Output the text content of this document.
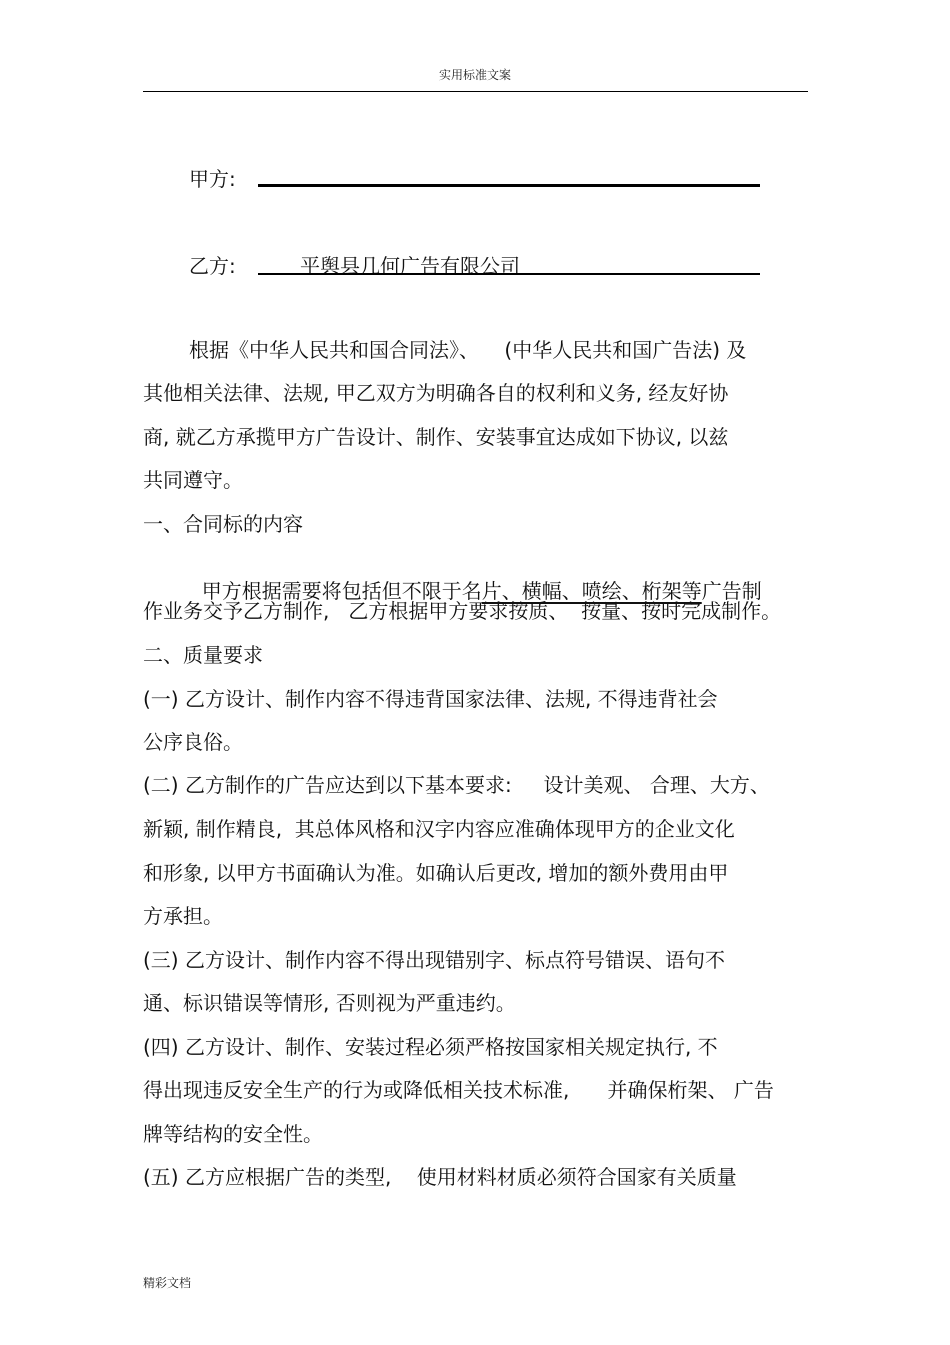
实用标准文案
甲方:
乙方:	平舆县几何广告有限公司
根据《中华人民共和国合同法》、    (中华人民共和国广告法) 及
其他相关法律、法规, 甲乙双方为明确各自的权利和义务, 经友好协
商, 就乙方承揽甲方广告设计、制作、安装事宜达成如下协议, 以兹
共同遵守。
一、合同标的内容

甲方根据需要将包括但不限于名片、横幅、喷绘、桁架等广告制

作业务交予乙方制作,   乙方根据甲方要求按质、  按量、按时完成制作。
二、质量要求
(一) 乙方设计、制作内容不得违背国家法律、法规, 不得违背社会
公序良俗。
(二) 乙方制作的广告应达到以下基本要求:     设计美观、 合理、大方、
新颖, 制作精良,  其总体风格和汉字内容应准确体现甲方的企业文化
和形象, 以甲方书面确认为准。如确认后更改, 增加的额外费用由甲
方承担。
(三) 乙方设计、制作内容不得出现错别字、标点符号错误、语句不
通、标识错误等情形, 否则视为严重违约。
(四) 乙方设计、制作、安装过程必须严格按国家相关规定执行, 不
得出现违反安全生产的行为或降低相关技术标准,      并确保桁架、 广告
牌等结构的安全性。
(五) 乙方应根据广告的类型,    使用材料材质必须符合国家有关质量
精彩文档
